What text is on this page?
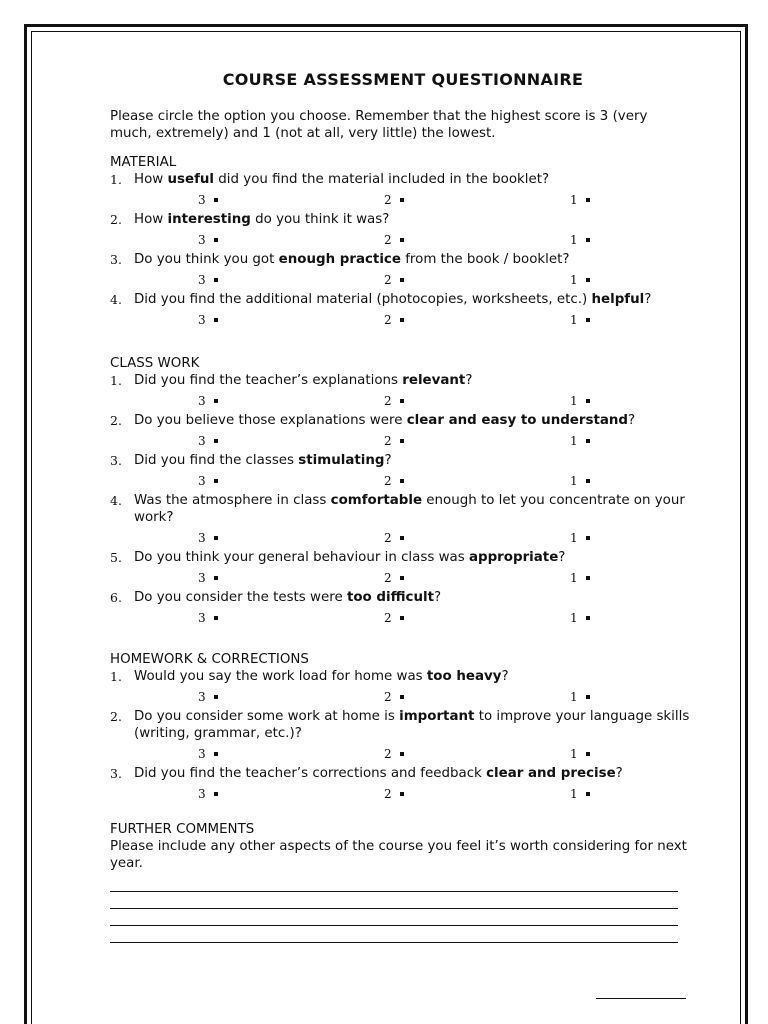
COURSE ASSESSMENT QUESTIONNAIRE
Please circle the option you choose. Remember that the highest score is 3 (very much, extremely) and 1 (not at all, very little) the lowest.
MATERIAL
1. How useful did you find the material included in the booklet?
3	2	1
2. How interesting do you think it was?
3	2	1
3. Do you think you got enough practice from the book / booklet?
3	2	1
4. Did you find the additional material (photocopies, worksheets, etc.) helpful?
3	2	1
CLASS WORK
1. Did you find the teacher’s explanations relevant?
3	2	1
2. Do you believe those explanations were clear and easy to understand?
3	2	1
3. Did you find the classes stimulating?
3	2	1
4. Was the atmosphere in class comfortable enough to let you concentrate on your work?
3	2	1
5. Do you think your general behaviour in class was appropriate?
3	2	1
6. Do you consider the tests were too difficult?
3	2	1
HOMEWORK & CORRECTIONS
1. Would you say the work load for home was too heavy?
3	2	1
2. Do you consider some work at home is important to improve your language skills (writing, grammar, etc.)?
3	2	1
3. Did you find the teacher’s corrections and feedback clear and precise?
3	2	1
FURTHER COMMENTS
Please include any other aspects of the course you feel it’s worth considering for next year.
